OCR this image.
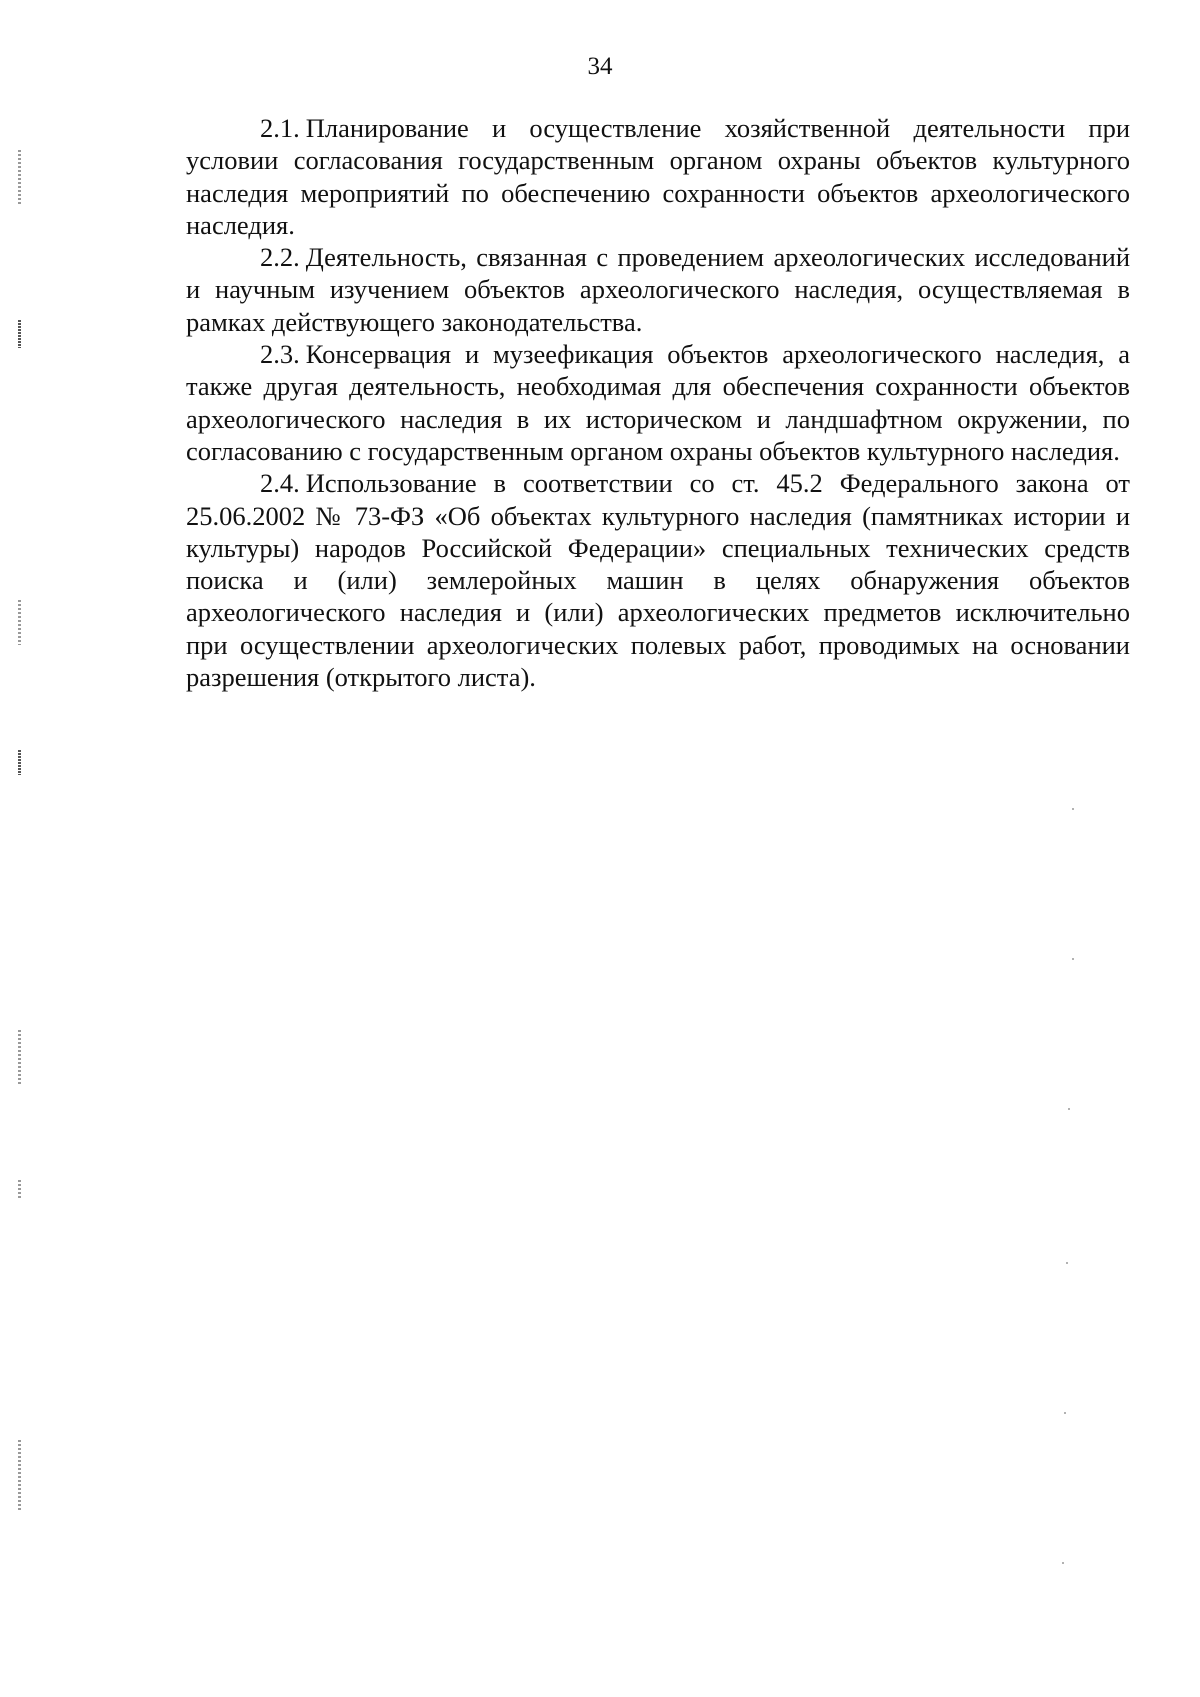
34

2.1. Планирование и осуществление хозяйственной деятельности при условии согласования государственным органом охраны объектов культурного наследия мероприятий по обеспечению сохранности объектов археологического наследия.

2.2. Деятельность, связанная с проведением археологических исследований и научным изучением объектов археологического наследия, осуществляемая в рамках действующего законодательства.

2.3. Консервация и музеефикация объектов археологического наследия, а также другая деятельность, необходимая для обеспечения сохранности объектов археологического наследия в их историческом и ландшафтном окружении, по согласованию с государственным органом охраны объектов культурного наследия.

2.4. Использование в соответствии со ст. 45.2 Федерального закона от 25.06.2002 № 73-ФЗ «Об объектах культурного наследия (памятниках истории и культуры) народов Российской Федерации» специальных технических средств поиска и (или) землеройных машин в целях обнаружения объектов археологического наследия и (или) археологических предметов исключительно при осуществлении археологических полевых работ, проводимых на основании разрешения (открытого листа).
